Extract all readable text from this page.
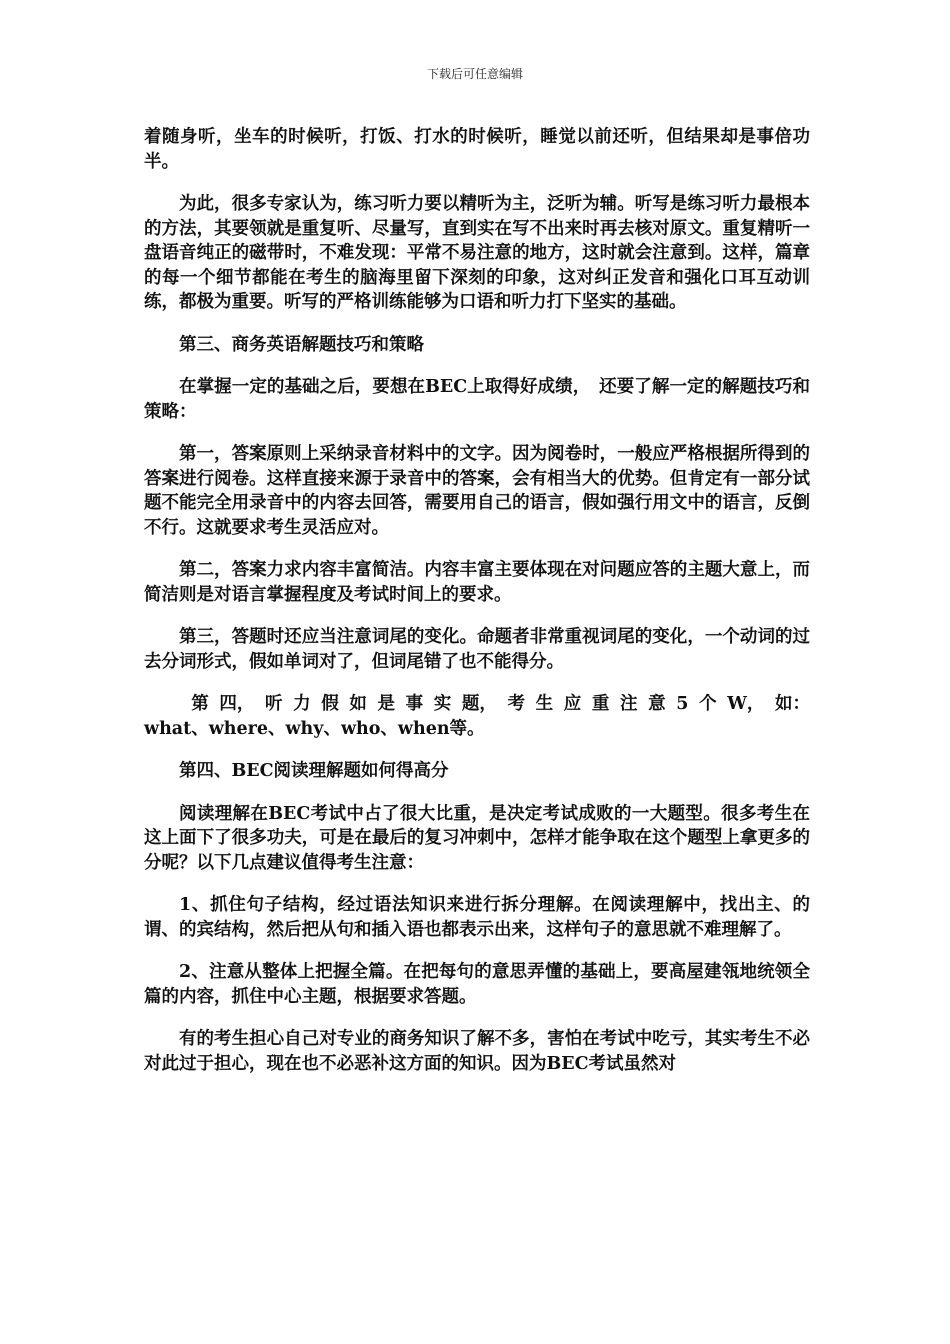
下载后可任意编辑

着随身听，坐车的时候听，打饭、打水的时候听，睡觉以前还听，但结果却是事倍功半。

为此，很多专家认为，练习听力要以精听为主，泛听为辅。听写是练习听力最根本的方法，其要领就是重复听、尽量写，直到实在写不出来时再去核对原文。重复精听一盘语音纯正的磁带时，不难发现：平常不易注意的地方，这时就会注意到。这样，篇章的每一个细节都能在考生的脑海里留下深刻的印象，这对纠正发音和强化口耳互动训练，都极为重要。听写的严格训练能够为口语和听力打下坚实的基础。

第三、商务英语解题技巧和策略

在掌握一定的基础之后，要想在BEC上取得好成绩，　还要了解一定的解题技巧和策略：

第一，答案原则上采纳录音材料中的文字。因为阅卷时，一般应严格根据所得到的答案进行阅卷。这样直接来源于录音中的答案，会有相当大的优势。但肯定有一部分试题不能完全用录音中的内容去回答，需要用自己的语言，假如强行用文中的语言，反倒不行。这就要求考生灵活应对。

第二，答案力求内容丰富简洁。内容丰富主要体现在对问题应答的主题大意上，而简洁则是对语言掌握程度及考试时间上的要求。

第三，答题时还应当注意词尾的变化。命题者非常重视词尾的变化，一个动词的过去分词形式，假如单词对了，但词尾错了也不能得分。

第 四， 听 力 假 如 是 事 实 题， 考 生 应 重 注 意 5 个 W， 如：
what、where、why、who、when等。

第四、BEC阅读理解题如何得高分

阅读理解在BEC考试中占了很大比重，是决定考试成败的一大题型。很多考生在这上面下了很多功夫，可是在最后的复习冲刺中，怎样才能争取在这个题型上拿更多的分呢？以下几点建议值得考生注意：

1、抓住句子结构，经过语法知识来进行拆分理解。在阅读理解中，找出主、的谓、的宾结构，然后把从句和插入语也都表示出来，这样句子的意思就不难理解了。

2、注意从整体上把握全篇。在把每句的意思弄懂的基础上，要高屋建瓴地统领全篇的内容，抓住中心主题，根据要求答题。

有的考生担心自己对专业的商务知识了解不多，害怕在考试中吃亏，其实考生不必对此过于担心，现在也不必恶补这方面的知识。因为BEC考试虽然对
